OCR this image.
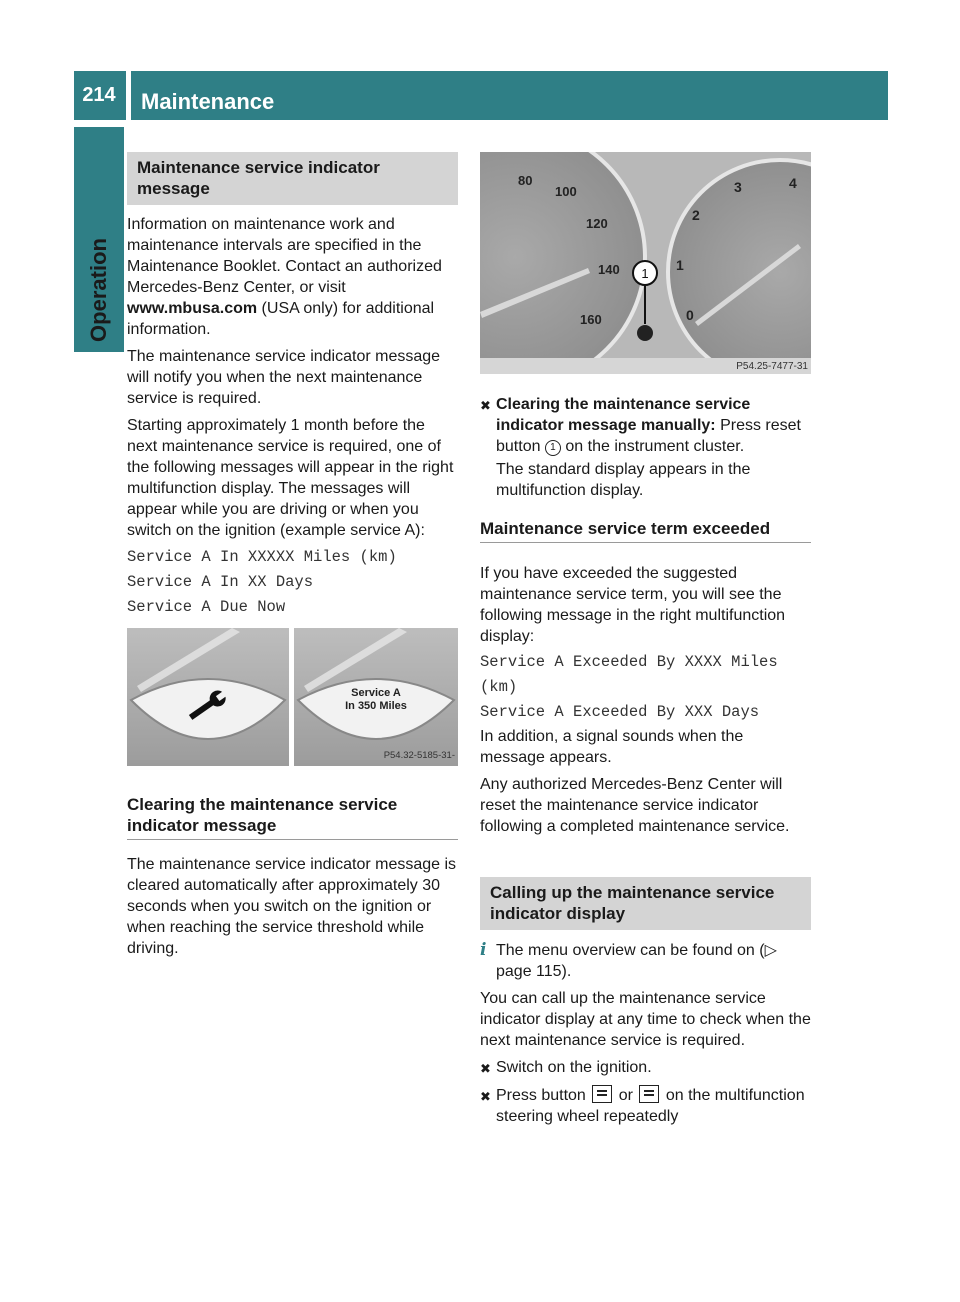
214	Maintenance
Operation
Maintenance service indicator message

Information on maintenance work and maintenance intervals are specified in the Maintenance Booklet. Contact an authorized Mercedes-Benz Center, or visit www.mbusa.com (USA only) for additional information.

The maintenance service indicator message will notify you when the next maintenance service is required.

Starting approximately 1 month before the next maintenance service is required, one of the following messages will appear in the right multifunction display. The messages will appear while you are driving or when you switch on the ignition (example service A):

Service A In XXXXX Miles (km)
Service A In XX Days
Service A Due Now
Service A
In 350 Miles
P54.32-5185-31-
Clearing the maintenance service indicator message

The maintenance service indicator message is cleared automatically after approximately 30 seconds when you switch on the ignition or when reaching the service threshold while driving.

80
100
120
140
160
3	4
2
1
0
1
P54.25-7477-31
✖ Clearing the maintenance service indicator message manually: Press reset button 1 on the instrument cluster.

The standard display appears in the multifunction display.

Maintenance service term exceeded

If you have exceeded the suggested maintenance service term, you will see the following message in the right multifunction display:

Service A Exceeded By XXXX Miles (km)
Service A Exceeded By XXX Days

In addition, a signal sounds when the message appears.

Any authorized Mercedes-Benz Center will reset the maintenance service indicator following a completed maintenance service.

Calling up the maintenance service indicator display
i The menu overview can be found on (▷ page 115).

You can call up the maintenance service indicator display at any time to check when the next maintenance service is required.

✖ Switch on the ignition.

✖ Press button  or  on the multifunction steering wheel repeatedly
